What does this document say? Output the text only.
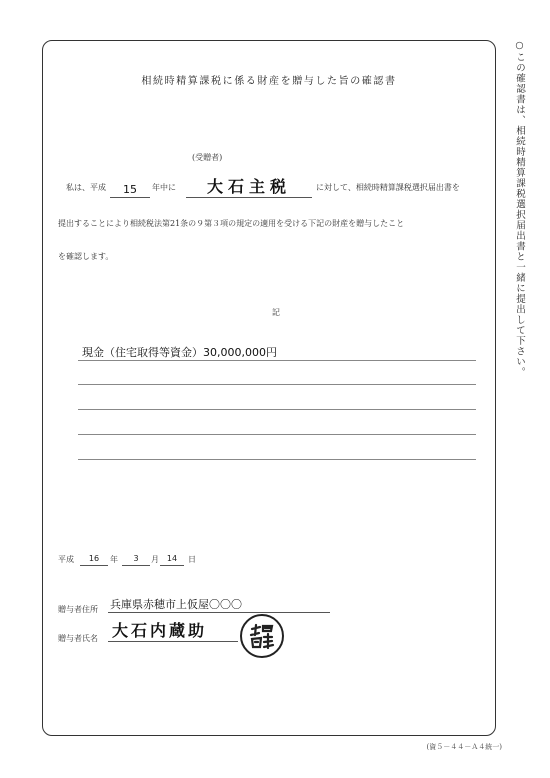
相続時精算課税に係る財産を贈与した旨の確認書
(受贈者)
私は、平成	15	年中に	大石主税	に対して、相続時精算課税選択届出書を
提出することにより相続税法第21条の９第３項の規定の適用を受ける下記の財産を贈与したこと
を確認します。
記
現金（住宅取得等資金）30,000,000円
平成	16	年	3	月 14	日
贈与者住所 兵庫県赤穂市上仮屋〇〇〇
贈与者氏名 大石内蔵助
○この確認書は、相続時精算課税選択届出書と一緒に提出して下さい。
(資５－４４－Ａ４統一)
